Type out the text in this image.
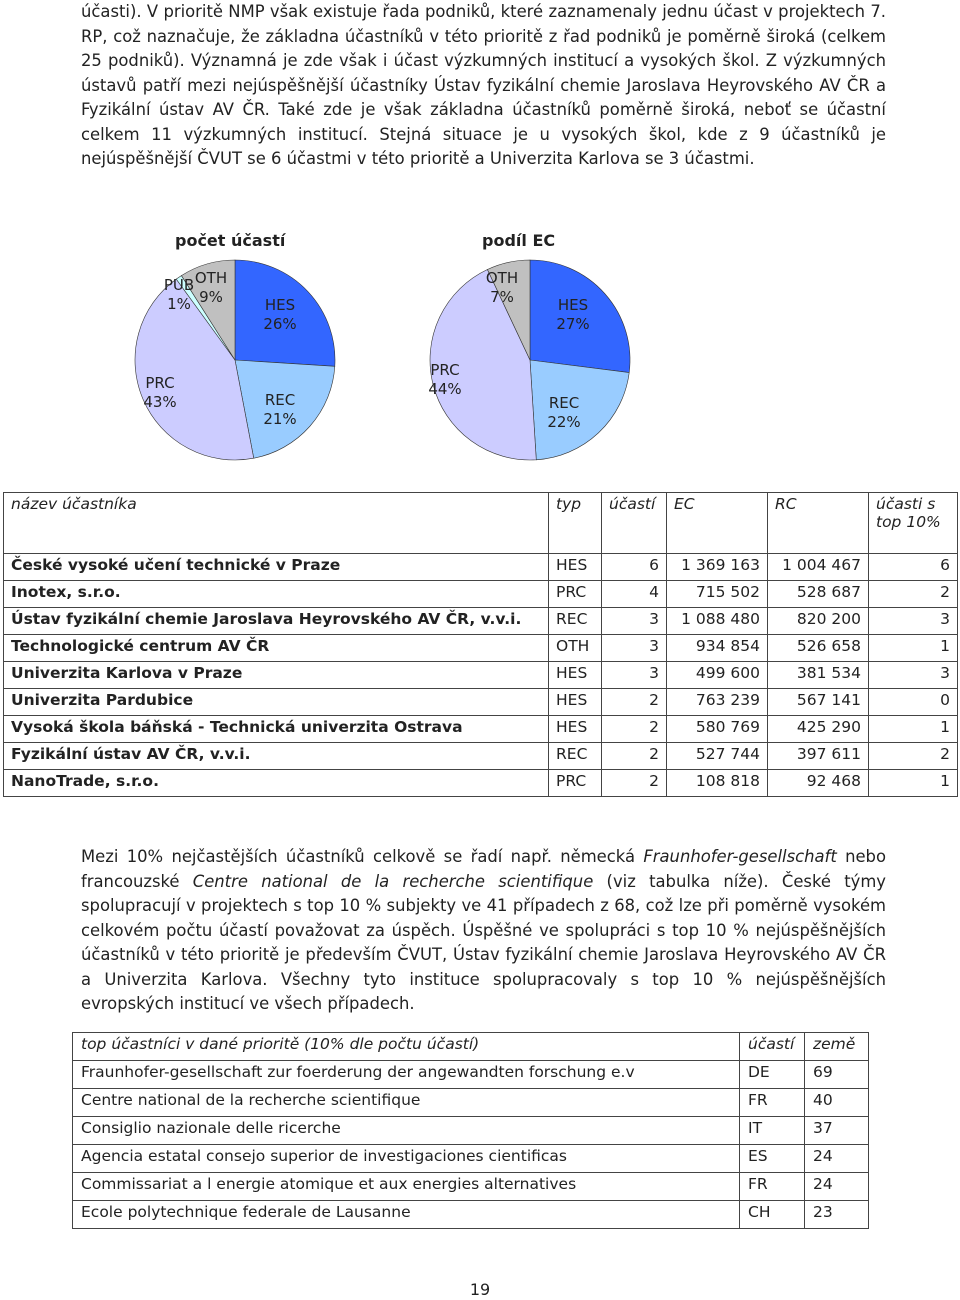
účasti). V prioritě NMP však existuje řada podniků, které zaznamenaly jednu účast v projektech 7. RP, což naznačuje, že základna účastníků v této prioritě z řad podniků je poměrně široká (celkem 25 podniků). Významná je zde však i účast výzkumných institucí a vysokých škol. Z výzkumných ústavů patří mezi nejúspěšnější účastníky Ústav fyzikální chemie Jaroslava Heyrovského AV ČR a Fyzikální ústav AV ČR. Také zde je však základna účastníků poměrně široká, neboť se účastní celkem 11 výzkumných institucí. Stejná situace je u vysokých škol, kde z 9 účastníků je nejúspěšnější ČVUT se 6 účastmi v této prioritě a Univerzita Karlova se 3 účastmi.

počet účastí	podíl EC
HES
26%
REC
21%
PRC
43%
PUB
1%
OTH
9%	HES
27%
REC
22%
PRC
44%
OTH
7%
název účastníka	typ	účastí	EC	RC	účasti s top 10%
České vysoké učení technické v Praze	HES	6	1 369 163	1 004 467	6
Inotex, s.r.o.	PRC	4	715 502	528 687	2
Ústav fyzikální chemie Jaroslava Heyrovského AV ČR, v.v.i.	REC	3	1 088 480	820 200	3
Technologické centrum AV ČR	OTH	3	934 854	526 658	1
Univerzita Karlova v Praze	HES	3	499 600	381 534	3
Univerzita Pardubice	HES	2	763 239	567 141	0
Vysoká škola báňská - Technická univerzita Ostrava	HES	2	580 769	425 290	1
Fyzikální ústav AV ČR, v.v.i.	REC	2	527 744	397 611	2
NanoTrade, s.r.o.	PRC	2	108 818	92 468	1

Mezi 10% nejčastějších účastníků celkově se řadí např. německá Fraunhofer-gesellschaft nebo francouzské Centre national de la recherche scientifique (viz tabulka níže). České týmy spolupracují v projektech s top 10 % subjekty ve 41 případech z 68, což lze při poměrně vysokém celkovém počtu účastí považovat za úspěch. Úspěšné ve spolupráci s top 10 % nejúspěšnějších účastníků v této prioritě je především ČVUT, Ústav fyzikální chemie Jaroslava Heyrovského AV ČR a Univerzita Karlova. Všechny tyto instituce spolupracovaly s top 10 % nejúspěšnějších evropských institucí ve všech případech.

top účastníci v dané prioritě (10% dle počtu účastí)	účastí	země
Fraunhofer-gesellschaft zur foerderung der angewandten forschung e.v	DE	69
Centre national de la recherche scientifique	FR	40
Consiglio nazionale delle ricerche	IT	37
Agencia estatal consejo superior de investigaciones cientificas	ES	24
Commissariat a l energie atomique et aux energies alternatives	FR	24
Ecole polytechnique federale de Lausanne	CH	23
19
